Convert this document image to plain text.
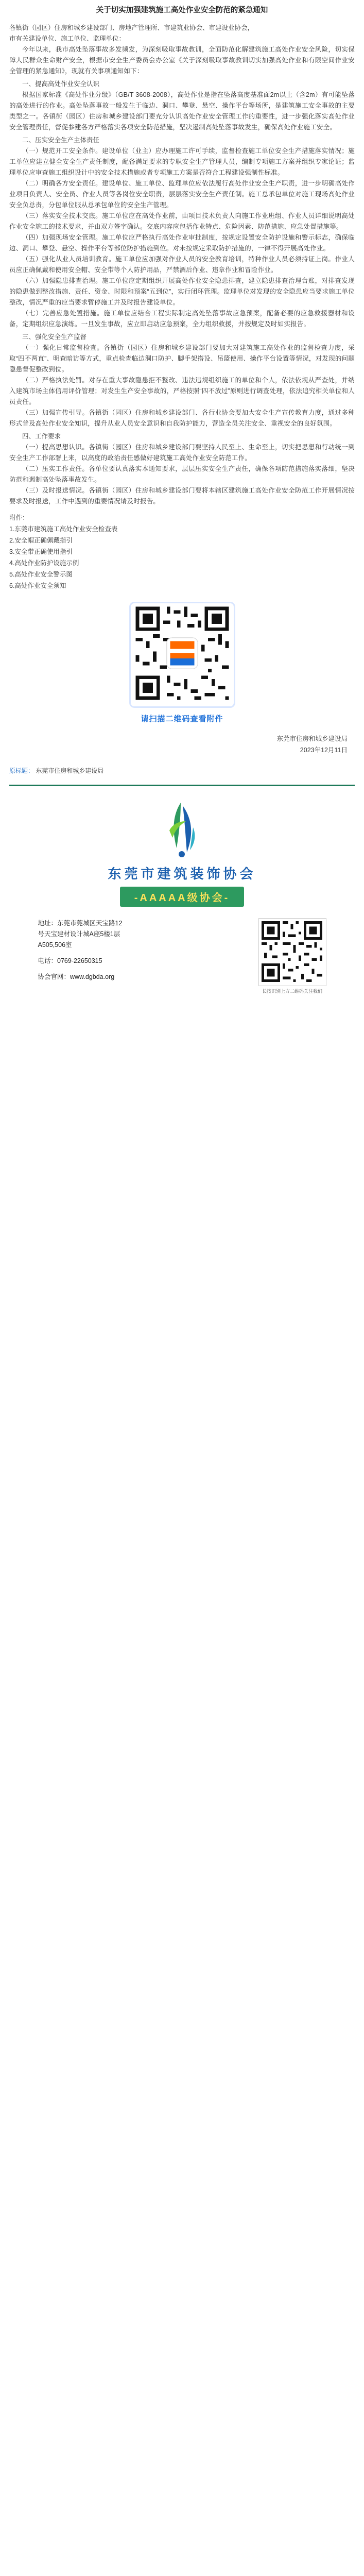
关于切实加强建筑施工高处作业安全防范的紧急通知
各镇街（园区）住房和城乡建设部门、房地产管理所、市建筑业协会、市建设业协会，
市有关建设单位、施工单位、监理单位：

今年以来，我市高处坠落事故多发频发，为深刻吸取事故教训，全面防范化解建筑施工高处作业安全风险，切实保障人民群众生命财产安全，根据市安全生产委员会办公室《关于深刻吸取事故教训切实加强高处作业和有限空间作业安全管理的紧急通知》，现就有关事项通知如下：

一、提高高处作业安全认识

根据国家标准《高处作业分级》（GB/T 3608-2008），高处作业是指在坠落高度基准面2m以上（含2m）有可能坠落的高处进行的作业。高处坠落事故一般发生于临边、洞口、攀登、悬空、操作平台等场所，是建筑施工安全事故的主要类型之一。各镇街（园区）住房和城乡建设部门要充分认识高处作业安全管理工作的重要性，进一步强化落实高处作业安全管理责任，督促参建各方严格落实各项安全防范措施，坚决遏制高处坠落事故发生，确保高处作业施工安全。

二、压实安全生产主体责任

（一）规范开工安全条件。建设单位（业主）应办理施工许可手续，监督检查施工单位安全生产措施落实情况；施工单位应建立健全安全生产责任制度，配备满足要求的专职安全生产管理人员，编制专项施工方案并组织专家论证；监理单位应审查施工组织设计中的安全技术措施或者专项施工方案是否符合工程建设强制性标准。

（二）明确各方安全责任。建设单位、施工单位、监理单位应依法履行高处作业安全生产职责，进一步明确高处作业项目负责人、安全员、作业人员等各岗位安全职责，层层落实安全生产责任制。施工总承包单位对施工现场高处作业安全负总责，分包单位服从总承包单位的安全生产管理。

（三）落实安全技术交底。施工单位应在高处作业前，由项目技术负责人向施工作业班组、作业人员详细说明高处作业安全施工的技术要求，并由双方签字确认。交底内容应包括作业特点、危险因素、防范措施、应急处置措施等。

（四）加强现场安全管理。施工单位应严格执行高处作业审批制度，按规定设置安全防护设施和警示标志，确保临边、洞口、攀登、悬空、操作平台等部位防护措施到位。对未按规定采取防护措施的，一律不得开展高处作业。

（五）强化从业人员培训教育。施工单位应加强对作业人员的安全教育培训，特种作业人员必须持证上岗。作业人员应正确佩戴和使用安全帽、安全带等个人防护用品，严禁酒后作业、违章作业和冒险作业。

（六）加强隐患排查治理。施工单位应定期组织开展高处作业安全隐患排查，建立隐患排查治理台账，对排查发现的隐患做到整改措施、责任、资金、时限和预案“五到位”，实行闭环管理。监理单位对发现的安全隐患应当要求施工单位整改，情况严重的应当要求暂停施工并及时报告建设单位。

（七）完善应急处置措施。施工单位应结合工程实际制定高处坠落事故应急预案，配备必要的应急救援器材和设备，定期组织应急演练。一旦发生事故，应立即启动应急预案，全力组织救援，并按规定及时如实报告。

三、强化安全生产监督

（一）强化日常监督检查。各镇街（园区）住房和城乡建设部门要加大对建筑施工高处作业的监督检查力度，采取“四不两直”、明查暗访等方式，重点检查临边洞口防护、脚手架搭设、吊篮使用、操作平台设置等情况，对发现的问题隐患督促整改到位。

（二）严格执法处罚。对存在重大事故隐患拒不整改、违法违规组织施工的单位和个人，依法依规从严查处，并纳入建筑市场主体信用评价管理；对发生生产安全事故的，严格按照“四不放过”原则进行调查处理，依法追究相关单位和人员责任。

（三）加强宣传引导。各镇街（园区）住房和城乡建设部门、各行业协会要加大安全生产宣传教育力度，通过多种形式普及高处作业安全知识，提升从业人员安全意识和自我防护能力，营造全员关注安全、重视安全的良好氛围。

四、工作要求

（一）提高思想认识。各镇街（园区）住房和城乡建设部门要坚持人民至上、生命至上，切实把思想和行动统一到安全生产工作部署上来，以高度的政治责任感做好建筑施工高处作业安全防范工作。

（二）压实工作责任。各单位要认真落实本通知要求，层层压实安全生产责任，确保各项防范措施落实落细，坚决防范和遏制高处坠落事故发生。

（三）及时报送情况。各镇街（园区）住房和城乡建设部门要将本辖区建筑施工高处作业安全防范工作开展情况按要求及时报送，工作中遇到的重要情况请及时报告。

附件：

1.东莞市建筑施工高处作业安全检查表

2.安全帽正确佩戴指引

3.安全带正确使用指引

4.高处作业防护设施示例

5.高处作业安全警示图

6.高处作业安全须知

请扫描二维码查看附件
东莞市住房和城乡建设局
2023年12月11日

原标题： 东莞市住房和城乡建设局

东莞市建筑装饰协会
-AAAAA级协会-
地址：东莞市莞城区天宝路12
号天宝建材设计城A座5楼1层
A505,506室
电话：0769-22650315
协会官网：www.dgbda.org
长按识别上方二维码关注我们
